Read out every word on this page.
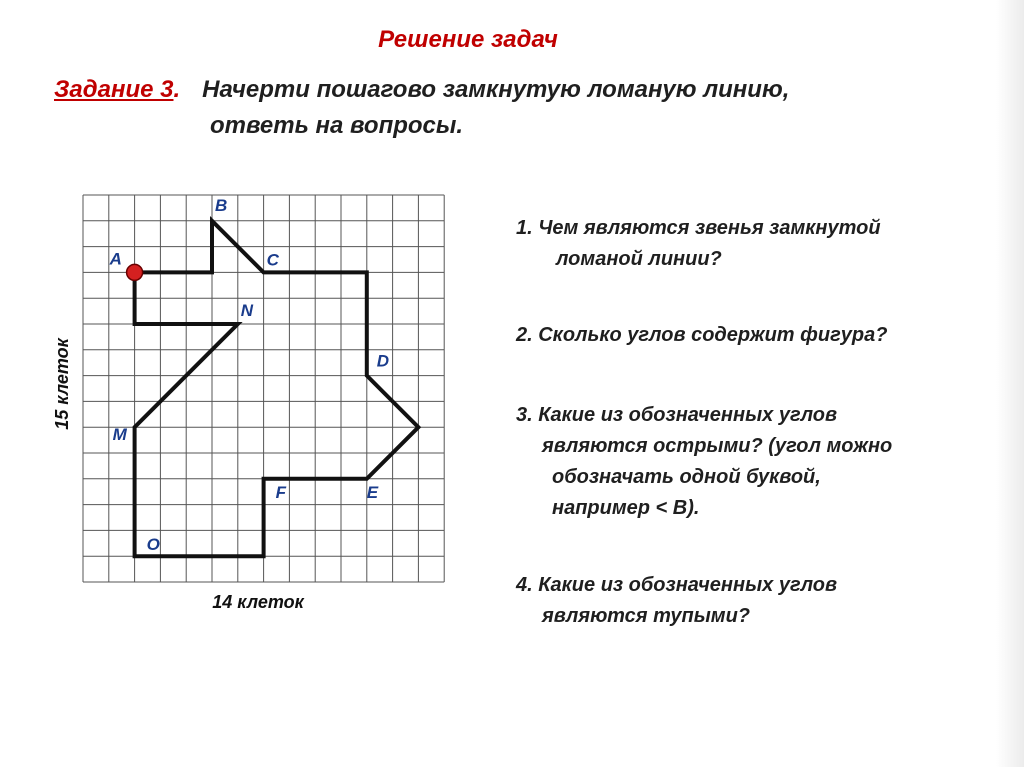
Решение задач
Задание 3. Начерти пошагово замкнутую ломаную линию,
ответь на вопросы.
A
B
C
D
E
F
O
M
N
14 клеток
15 клеток
1. Чем являются звенья замкнутой
ломаной линии?
2. Сколько углов содержит фигура?
3. Какие из обозначенных углов
являются острыми? (угол можно
обозначать одной буквой,
например < B).
4. Какие из обозначенных углов
являются тупыми?
